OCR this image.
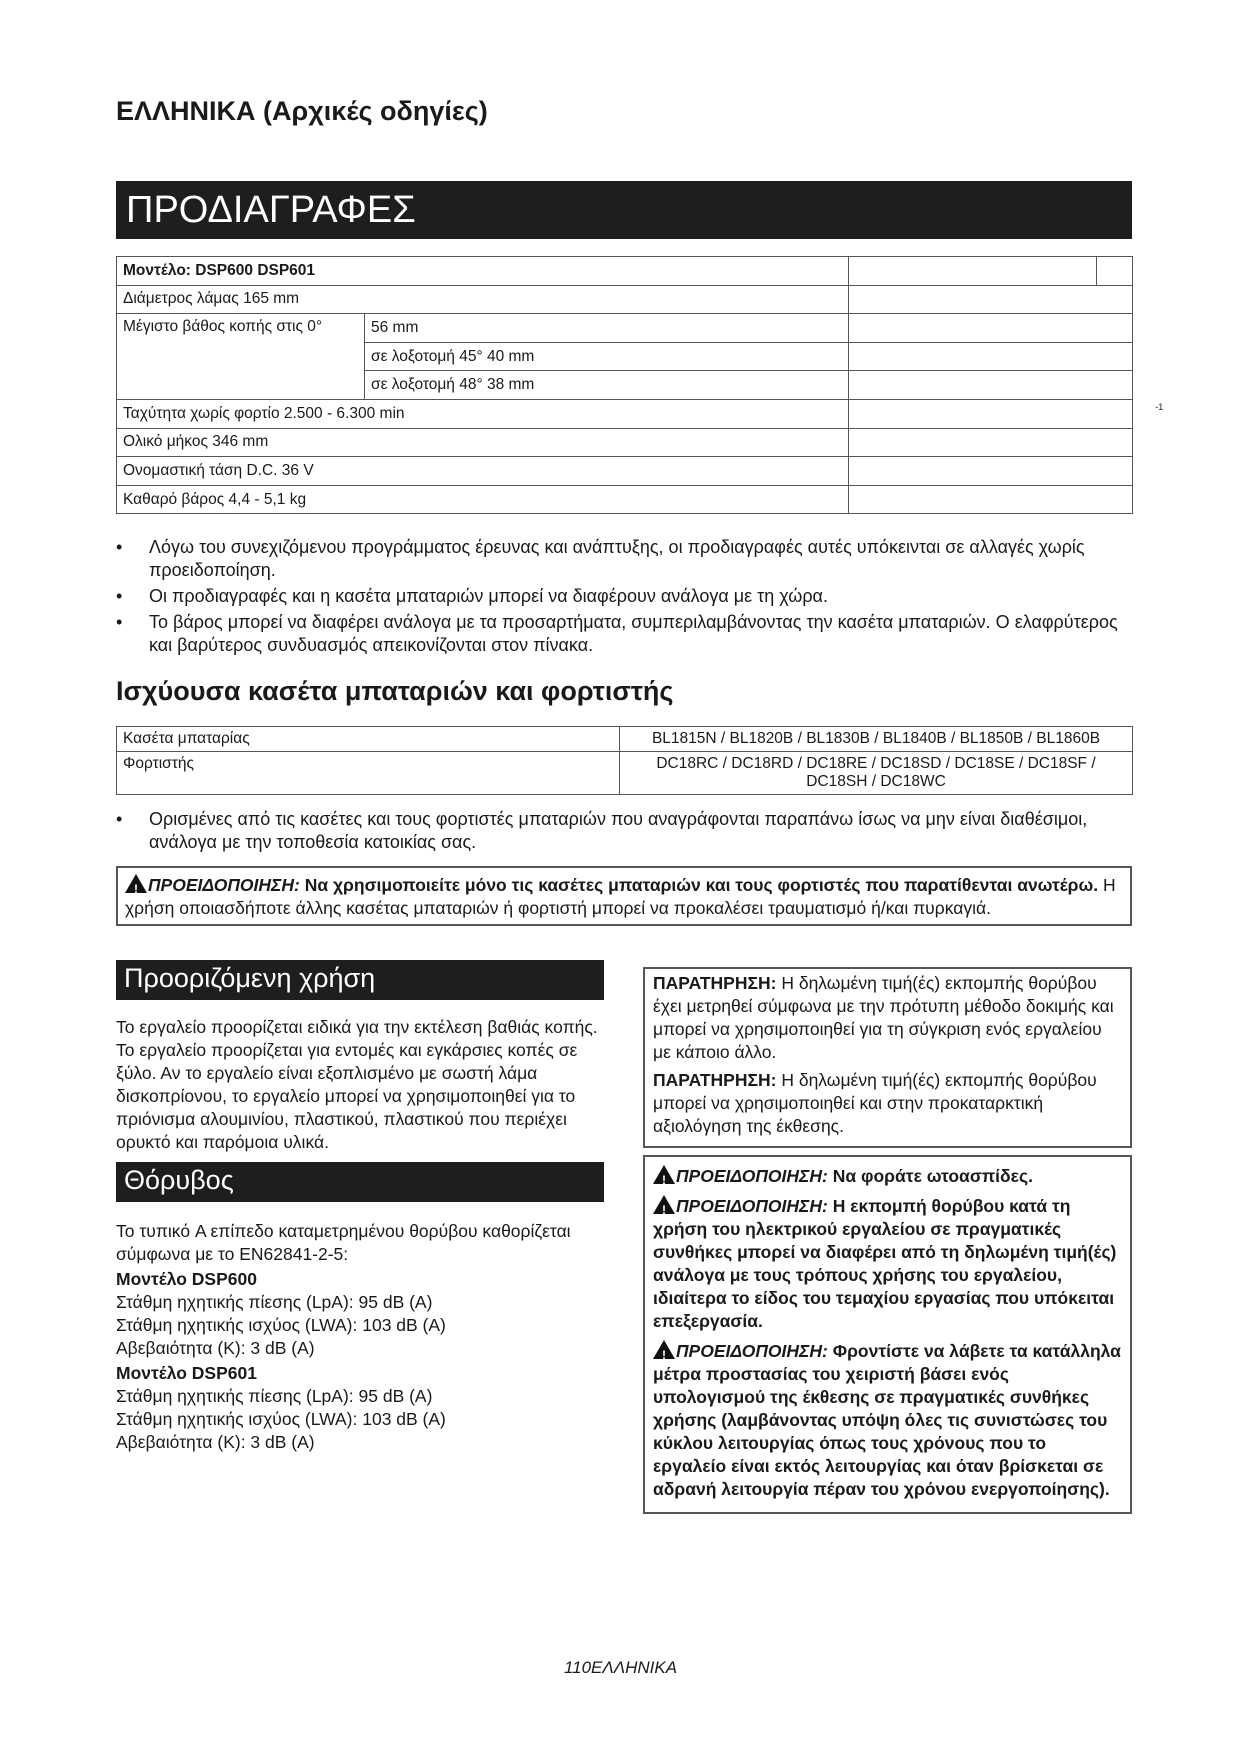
ΕΛΛΗΝΙΚΑ (Αρχικές οδηγίες)
ΠΡΟΔΙΑΓΡΑΦΕΣ
Μοντέλο: DSP600 DSP601			
Διάμετρος λάμας 165 mm			
Μέγιστο βάθος κοπής στις 0°	56 mm		
	σε λοξοτομή 45° 40 mm		
	σε λοξοτομή 48° 38 mm		
Ταχύτητα χωρίς φορτίο 2.500 - 6.300 min		$^{-1}$
Ολικό μήκος 346 mm			
Ονομαστική τάση D.C. 36 V			
Καθαρό βάρος 4,4 - 5,1 kg			
• Λόγω του συνεχιζόμενου προγράμματος έρευνας και ανάπτυξης, οι προδιαγραφές αυτές υπόκεινται σε αλλαγές χωρίς προειδοποίηση.
• Οι προδιαγραφές και η κασέτα μπαταριών μπορεί να διαφέρουν ανάλογα με τη χώρα.
• Το βάρος μπορεί να διαφέρει ανάλογα με τα προσαρτήματα, συμπεριλαμβάνοντας την κασέτα μπαταριών. Ο ελαφρύτερος και βαρύτερος συνδυασμός απεικονίζονται στον πίνακα.
Ισχύουσα κασέτα μπαταριών και φορτιστής
Κασέτα μπαταρίας	BL1815N / BL1820B / BL1830B / BL1840B / BL1850B / BL1860B
Φορτιστής	DC18RC / DC18RD / DC18RE / DC18SD / DC18SE / DC18SF / DC18SH / DC18WC
• Ορισμένες από τις κασέτες και τους φορτιστές μπαταριών που αναγράφονται παραπάνω ίσως να μην είναι διαθέσιμοι, ανάλογα με την τοποθεσία κατοικίας σας.
!ΠΡΟΕΙΔΟΠΟΙΗΣΗ: Να χρησιμοποιείτε μόνο τις κασέτες μπαταριών και τους φορτιστές που παρατίθενται ανωτέρω. Η χρήση οποιασδήποτε άλλης κασέτας μπαταριών ή φορτιστή μπορεί να προκαλέσει τραυματισμό ή/και πυρκαγιά.
Προοριζόμενη χρήση
Το εργαλείο προορίζεται ειδικά για την εκτέλεση βαθιάς κοπής. Το εργαλείο προορίζεται για εντομές και εγκάρσιες κοπές σε ξύλο. Αν το εργαλείο είναι εξοπλισμένο με σωστή λάμα δισκοπρίονου, το εργαλείο μπορεί να χρησιμοποιηθεί για το πριόνισμα αλουμινίου, πλαστικού, πλαστικού που περιέχει ορυκτό και παρόμοια υλικά.
Θόρυβος
Το τυπικό A επίπεδο καταμετρημένου θορύβου καθορίζεται σύμφωνα με το EN62841-2-5:
Μοντέλο DSP600
Στάθμη ηχητικής πίεσης (LpA): 95 dB (A)
Στάθμη ηχητικής ισχύος (LWA): 103 dB (A)
Αβεβαιότητα (K): 3 dB (A)
Μοντέλο DSP601
Στάθμη ηχητικής πίεσης (LpA): 95 dB (A)
Στάθμη ηχητικής ισχύος (LWA): 103 dB (A)
Αβεβαιότητα (K): 3 dB (A)

ΠΑΡΑΤΗΡΗΣΗ: Η δηλωμένη τιμή(ές) εκπομπής θορύβου έχει μετρηθεί σύμφωνα με την πρότυπη μέθοδο δοκιμής και μπορεί να χρησιμοποιηθεί για τη σύγκριση ενός εργαλείου με κάποιο άλλο.

ΠΑΡΑΤΗΡΗΣΗ: Η δηλωμένη τιμή(ές) εκπομπής θορύβου μπορεί να χρησιμοποιηθεί και στην προκαταρκτική αξιολόγηση της έκθεσης.

!ΠΡΟΕΙΔΟΠΟΙΗΣΗ: Να φοράτε ωτοασπίδες.

!ΠΡΟΕΙΔΟΠΟΙΗΣΗ: Η εκπομπή θορύβου κατά τη χρήση του ηλεκτρικού εργαλείου σε πραγματικές συνθήκες μπορεί να διαφέρει από τη δηλωμένη τιμή(ές) ανάλογα με τους τρόπους χρήσης του εργαλείου, ιδιαίτερα το είδος του τεμαχίου εργασίας που υπόκειται επεξεργασία.

!ΠΡΟΕΙΔΟΠΟΙΗΣΗ: Φροντίστε να λάβετε τα κατάλληλα μέτρα προστασίας του χειριστή βάσει ενός υπολογισμού της έκθεσης σε πραγματικές συνθήκες χρήσης (λαμβάνοντας υπόψη όλες τις συνιστώσες του κύκλου λειτουργίας όπως τους χρόνους που το εργαλείο είναι εκτός λειτουργίας και όταν βρίσκεται σε αδρανή λειτουργία πέραν του χρόνου ενεργοποίησης).

110ΕΛΛΗΝΙΚΑ
